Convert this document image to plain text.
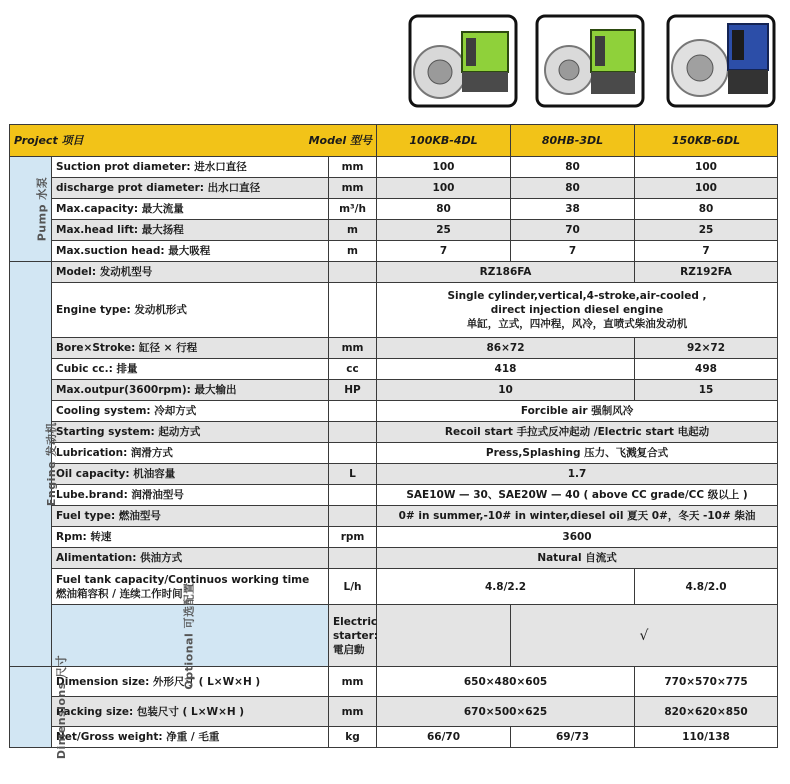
Project 项目 Model 型号			100KB-4DL	80HB-3DL	150KB-6DL
Pump 水泵	Suction prot diameter: 进水口直径	mm	100	80	100
	discharge prot diameter: 出水口直径	mm	100	80	100
	Max.capacity: 最大流量	m³/h	80	38	80
	Max.head lift: 最大扬程	m	25	70	25
	Max.suction head: 最大吸程	m	7	7	7
Engine 发动机	Model: 发动机型号		RZ186FA		RZ192FA
	Engine type: 发动机形式		Single cylinder,vertical,4-stroke,air-cooled ,
direct injection diesel engine
单缸，立式，四冲程，风冷，直喷式柴油发动机		

	Bore×Stroke: 缸径 × 行程	mm	86×72		92×72
	Cubic cc.: 排量	cc	418		498
	Max.outpur(3600rpm): 最大输出	HP	10		15
	Cooling system: 冷却方式		Forcible air 强制风冷		
	Starting system: 起动方式		Recoil start 手拉式反冲起动 /Electric start 电起动		
	Lubrication: 润滑方式		Press,Splashing 压力、飞溅复合式		
	Oil capacity: 机油容量	L	1.7		
	Lube.brand: 润滑油型号		SAE10W — 30、SAE20W — 40 ( above CC grade/CC 级以上 )		
	Fuel type: 燃油型号		0# in summer,-10# in winter,diesel oil 夏天 0#，冬天 -10# 柴油		
	Rpm: 转速	rpm	3600		
	Alimentation: 供油方式		Natural 自流式		

	Fuel tank capacity/Continuos working time
燃油箱容积 / 连续工作时间	L/h	4.8/2.2		4.8/2.0
	Optional 可选配置	Electric starter: 電启動		√	
Dimensions 尺寸	Dimension size: 外形尺寸 ( L×W×H )	mm	650×480×605		770×570×775
	Packing size: 包装尺寸 ( L×W×H )	mm	670×500×625		820×620×850
	Net/Gross weight: 净重 / 毛重	kg	66/70	69/73	110/138
